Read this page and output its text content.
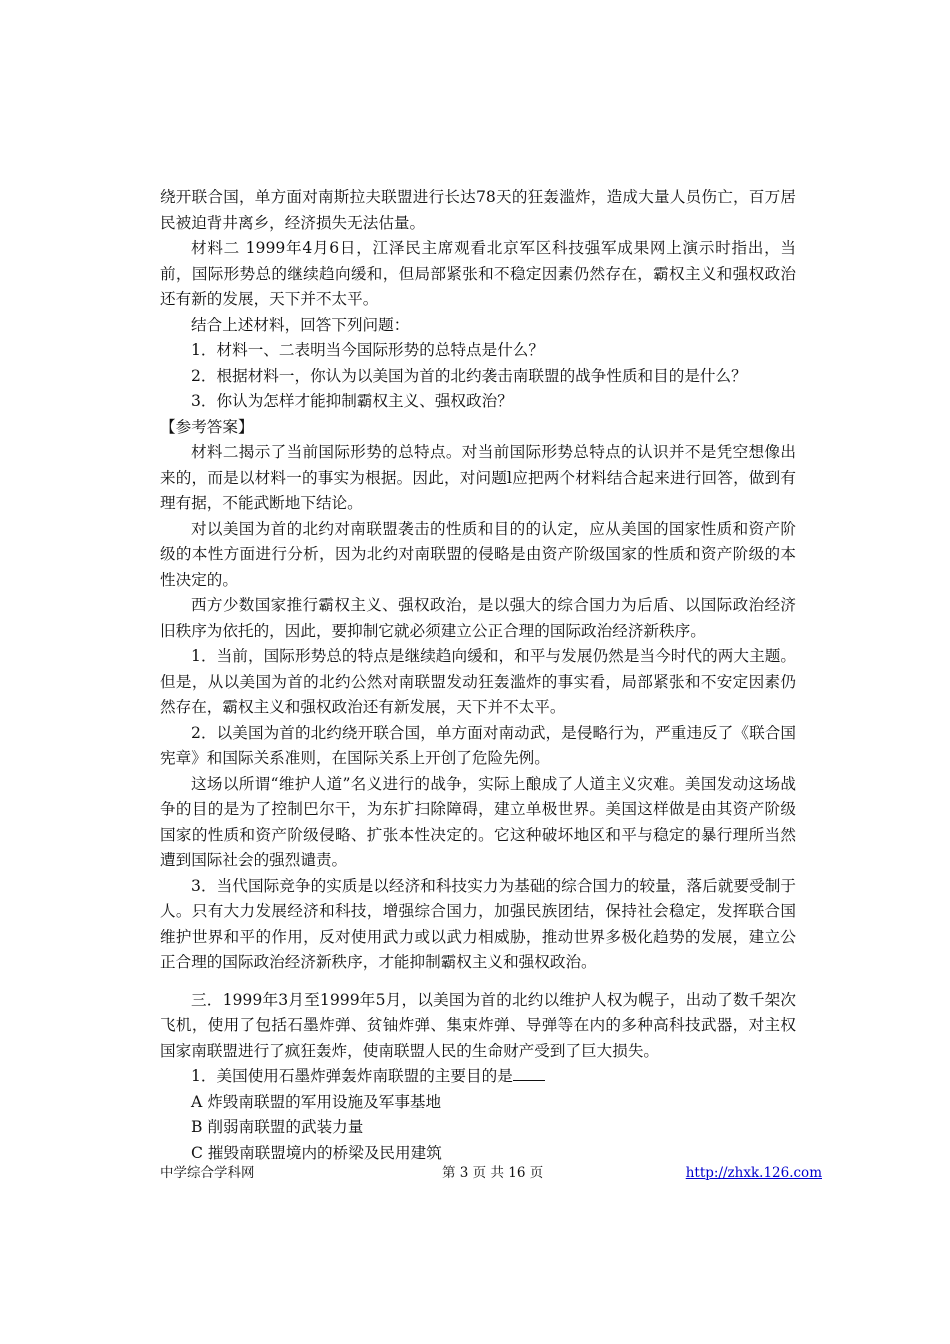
绕开联合国，单方面对南斯拉夫联盟进行长达78天的狂轰滥炸，造成大量人员伤亡，百万居民被迫背井离乡，经济损失无法估量。

材料二 1999年4月6日，江泽民主席观看北京军区科技强军成果网上演示时指出，当前，国际形势总的继续趋向缓和，但局部紧张和不稳定因素仍然存在，霸权主义和强权政治还有新的发展，天下并不太平。

结合上述材料，回答下列问题：

1．材料一、二表明当今国际形势的总特点是什么？

2．根据材料一，你认为以美国为首的北约袭击南联盟的战争性质和目的是什么？

3．你认为怎样才能抑制霸权主义、强权政治？

【参考答案】

材料二揭示了当前国际形势的总特点。对当前国际形势总特点的认识并不是凭空想像出来的，而是以材料一的事实为根据。因此，对问题l应把两个材料结合起来进行回答，做到有理有据，不能武断地下结论。

对以美国为首的北约对南联盟袭击的性质和目的的认定，应从美国的国家性质和资产阶级的本性方面进行分析，因为北约对南联盟的侵略是由资产阶级国家的性质和资产阶级的本性决定的。

西方少数国家推行霸权主义、强权政治，是以强大的综合国力为后盾、以国际政治经济旧秩序为依托的，因此，要抑制它就必须建立公正合理的国际政治经济新秩序。

1．当前，国际形势总的特点是继续趋向缓和，和平与发展仍然是当今时代的两大主题。但是，从以美国为首的北约公然对南联盟发动狂轰滥炸的事实看，局部紧张和不安定因素仍然存在，霸权主义和强权政治还有新发展，天下并不太平。

2．以美国为首的北约绕开联合国，单方面对南动武，是侵略行为，严重违反了《联合国宪章》和国际关系准则，在国际关系上开创了危险先例。

这场以所谓“维护人道”名义进行的战争，实际上酿成了人道主义灾难。美国发动这场战争的目的是为了控制巴尔干，为东扩扫除障碍，建立单极世界。美国这样做是由其资产阶级国家的性质和资产阶级侵略、扩张本性决定的。它这种破坏地区和平与稳定的暴行理所当然遭到国际社会的强烈谴责。

3．当代国际竞争的实质是以经济和科技实力为基础的综合国力的较量，落后就要受制于人。只有大力发展经济和科技，增强综合国力，加强民族团结，保持社会稳定，发挥联合国维护世界和平的作用，反对使用武力或以武力相威胁，推动世界多极化趋势的发展，建立公正合理的国际政治经济新秩序，才能抑制霸权主义和强权政治。

三．1999年3月至1999年5月，以美国为首的北约以维护人权为幌子，出动了数千架次飞机，使用了包括石墨炸弹、贫铀炸弹、集束炸弹、导弹等在内的多种高科技武器，对主权国家南联盟进行了疯狂轰炸，使南联盟人民的生命财产受到了巨大损失。

1．美国使用石墨炸弹轰炸南联盟的主要目的是

A 炸毁南联盟的军用设施及军事基地

B 削弱南联盟的武装力量

C 摧毁南联盟境内的桥梁及民用建筑

中学综合学科网	第 3 页 共 16 页	http://zhxk.126.com
